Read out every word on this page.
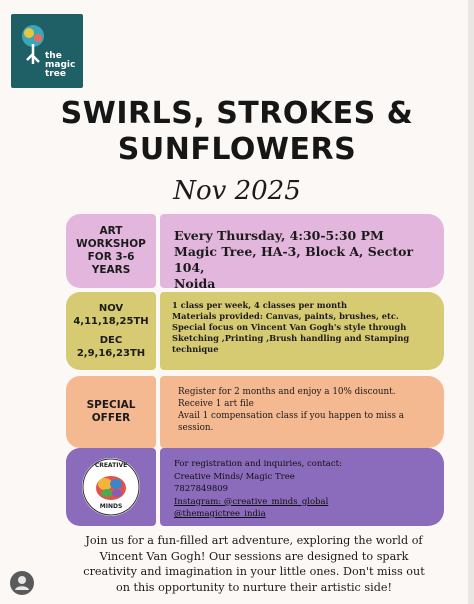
the
magic
tree
SWIRLS, STROKES &
SUNFLOWERS
Nov 2025
ART
WORKSHOP
FOR 3-6
YEARS
Every Thursday, 4:30-5:30 PM
Magic Tree, HA-3, Block A, Sector 104,
Noida
NOV
4,11,18,25TH
DEC
2,9,16,23TH
1 class per week, 4 classes per month
Materials provided: Canvas, paints, brushes, etc.
Special focus on Vincent Van Gogh's style through
Sketching ,Printing ,Brush handling and Stamping
technique
SPECIAL
OFFER
Register for 2 months and enjoy a 10% discount.
Receive 1 art file
Avail 1 compensation class if you happen to miss a
session.
CREATIVE
MINDS
For registration and inquiries, contact:
Creative Minds/ Magic Tree
7827849809
Instagram: @creative_minds_global
@themagictree_india
Join us for a fun-filled art adventure, exploring the world of
Vincent Van Gogh! Our sessions are designed to spark
creativity and imagination in your little ones. Don't miss out
on this opportunity to nurture their artistic side!
